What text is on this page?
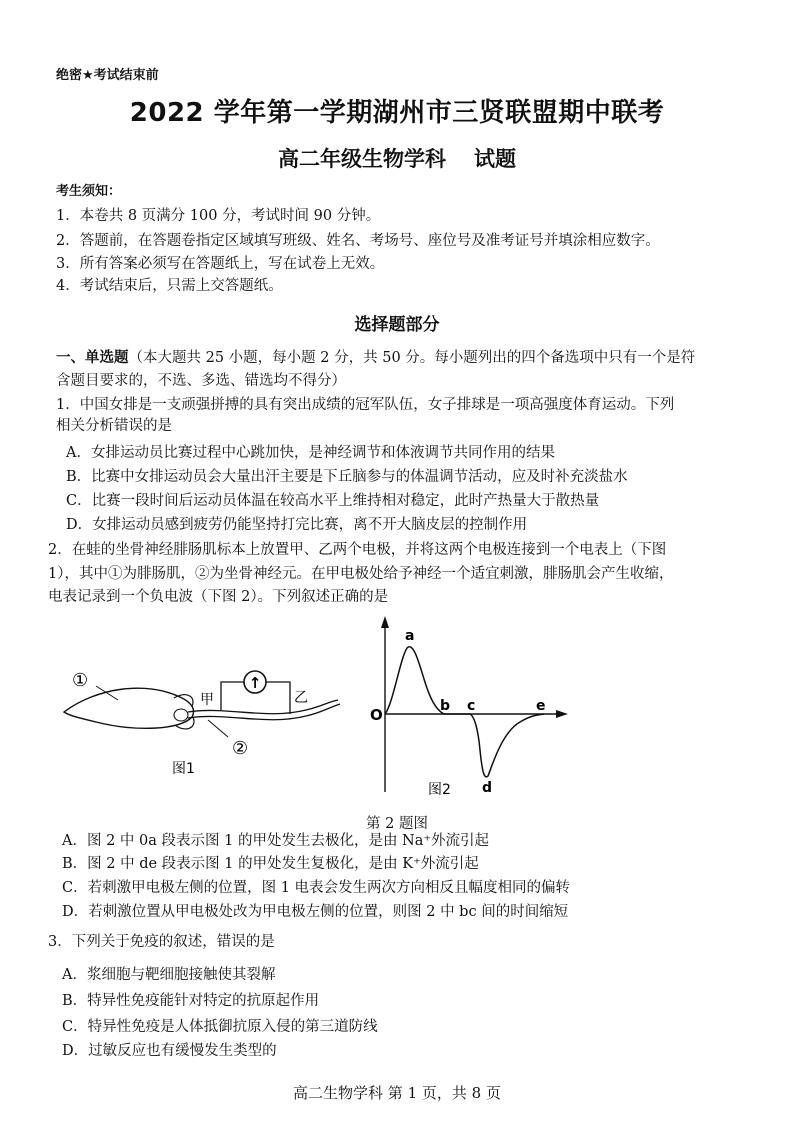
绝密★考试结束前
2022 学年第一学期湖州市三贤联盟期中联考
高二年级生物学科 试题
考生须知：
1．本卷共 8 页满分 100 分，考试时间 90 分钟。
2．答题前，在答题卷指定区域填写班级、姓名、考场号、座位号及准考证号并填涂相应数字。
3．所有答案必须写在答题纸上，写在试卷上无效。
4．考试结束后，只需上交答题纸。
选择题部分
一、单选题（本大题共 25 小题，每小题 2 分，共 50 分。每小题列出的四个备选项中只有一个是符
含题目要求的，不选、多选、错选均不得分）
1．中国女排是一支顽强拼搏的具有突出成绩的冠军队伍，女子排球是一项高强度体育运动。下列
相关分析错误的是
A．女排运动员比赛过程中心跳加快，是神经调节和体液调节共同作用的结果
B．比赛中女排运动员会大量出汗主要是下丘脑参与的体温调节活动，应及时补充淡盐水
C．比赛一段时间后运动员体温在较高水平上维持相对稳定，此时产热量大于散热量
D．女排运动员感到疲劳仍能坚持打完比赛，离不开大脑皮层的控制作用
2．在蛙的坐骨神经腓肠肌标本上放置甲、乙两个电极，并将这两个电极连接到一个电表上（下图
1），其中①为腓肠肌，②为坐骨神经元。在甲电极处给予神经一个适宜刺激，腓肠肌会产生收缩，
电表记录到一个负电波（下图 2）。下列叙述正确的是
↑
甲	乙
①
②
图1
O
a
b c
d
e
图2
第 2 题图
A．图 2 中 0a 段表示图 1 的甲处发生去极化，是由 Na⁺外流引起
B．图 2 中 de 段表示图 1 的甲处发生复极化，是由 K⁺外流引起
C．若刺激甲电极左侧的位置，图 1 电表会发生两次方向相反且幅度相同的偏转
D．若刺激位置从甲电极处改为甲电极左侧的位置，则图 2 中 bc 间的时间缩短
3．下列关于免疫的叙述，错误的是
A．浆细胞与靶细胞接触使其裂解
B．特异性免疫能针对特定的抗原起作用
C．特异性免疫是人体抵御抗原入侵的第三道防线
D．过敏反应也有缓慢发生类型的
高二生物学科 第 1 页，共 8 页
